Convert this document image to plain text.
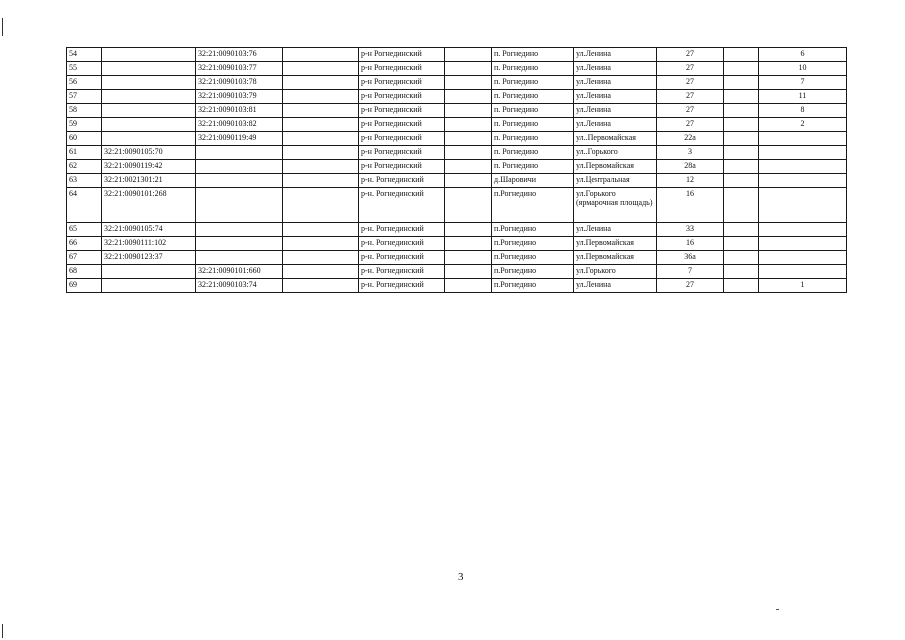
54		32:21:0090103:76		р-н Рогнединский		п. Рогнедино	ул.Ленина	27		6
55		32:21:0090103:77		р-н Рогнединский		п. Рогнедино	ул.Ленина	27		10
56		32:21:0090103:78		р-н Рогнединский		п. Рогнедино	ул.Ленина	27		7
57		32:21:0090103:79		р-н Рогнединский		п. Рогнедино	ул.Ленина	27		11
58		32:21:0090103:81		р-н Рогнединский		п. Рогнедино	ул.Ленина	27		8
59		32:21:0090103:82		р-н Рогнединский		п. Рогнедино	ул.Ленина	27		2
60		32:21:0090119:49		р-н Рогнединский		п. Рогнедино	ул..Первомайская	22а		
61	32:21:0090105:70			р-н Рогнединский		п. Рогнедино	ул..Горького	3		
62	32:21:0090119:42			р-н Рогнединский		п. Рогнедино	ул.Первомайская	28а		
63	32:21:0021301:21			р-н. Рогнединский		д.Шаровичи	ул.Центральная	12		
64	32:21:0090101:268			р-н. Рогнединский		п.Рогнедино	ул.Горького (ярмарочная площадь)	16		
65	32:21:0090105:74			р-н. Рогнединский		п.Рогнедино	ул.Ленина	33		
66	32:21:0090111:102			р-н. Рогнединский		п.Рогнедино	ул.Первомайская	16		
67	32:21:0090123:37			р-н. Рогнединский		п.Рогнедино	ул.Первомайская	36а		
68		32:21:0090101:660		р-н. Рогнединский		п.Рогнедино	ул.Горького	7		
69		32:21:0090103:74		р-н. Рогнединский		п.Рогнедино	ул.Ленина	27		1
3
